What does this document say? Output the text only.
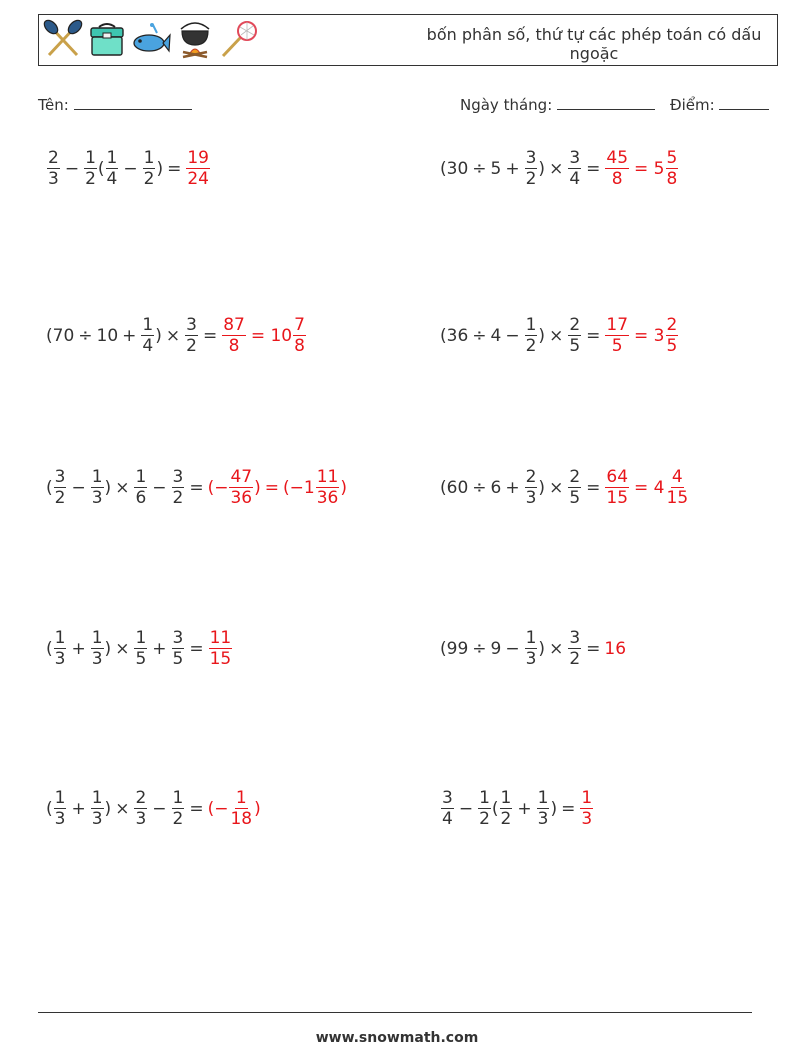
bốn phân số, thứ tự các phép toán có dấu ngoặc
Tên:	Ngày tháng:	Điểm:
$\frac{2}{3} - \frac{1}{2}$ ( $\frac{1}{4} - \frac{1}{2}$ ) = $\frac{19}{24}$	($30 \div 5 + \frac{3}{2}$ ) × $\frac{3}{4} = \frac{45}{8} = 5 \frac{5}{8}$
($70 \div 10 + \frac{1}{4}$ ) × $\frac{3}{2} = \frac{87}{8} = 10 \frac{7}{8}$	($36 \div 4 - \frac{1}{2}$ ) × $\frac{2}{5} = \frac{17}{5} = 3 \frac{2}{5}$
( $\frac{3}{2} - \frac{1}{3}$ ) × $\frac{1}{6} - \frac{3}{2}$ = (− $\frac{47}{36}$ ) = ($-1 \frac{11}{36}$ )	($60 \div 6 + \frac{2}{3}$ ) × $\frac{2}{5} = \frac{64}{15} = 4 \frac{4}{15}$
( $\frac{1}{3} + \frac{1}{3}$ ) × $\frac{1}{5} + \frac{3}{5} = \frac{11}{15}$	($99 \div 9 - \frac{1}{3}$ ) × $\frac{3}{2} = 16$
( $\frac{1}{3} + \frac{1}{3}$ ) × $\frac{2}{3} - \frac{1}{2}$ = (− $\frac{1}{18}$ )	$\frac{3}{4} - \frac{1}{2}$ ( $\frac{1}{2} + \frac{1}{3}$ ) = $\frac{1}{3}$
www.snowmath.com
